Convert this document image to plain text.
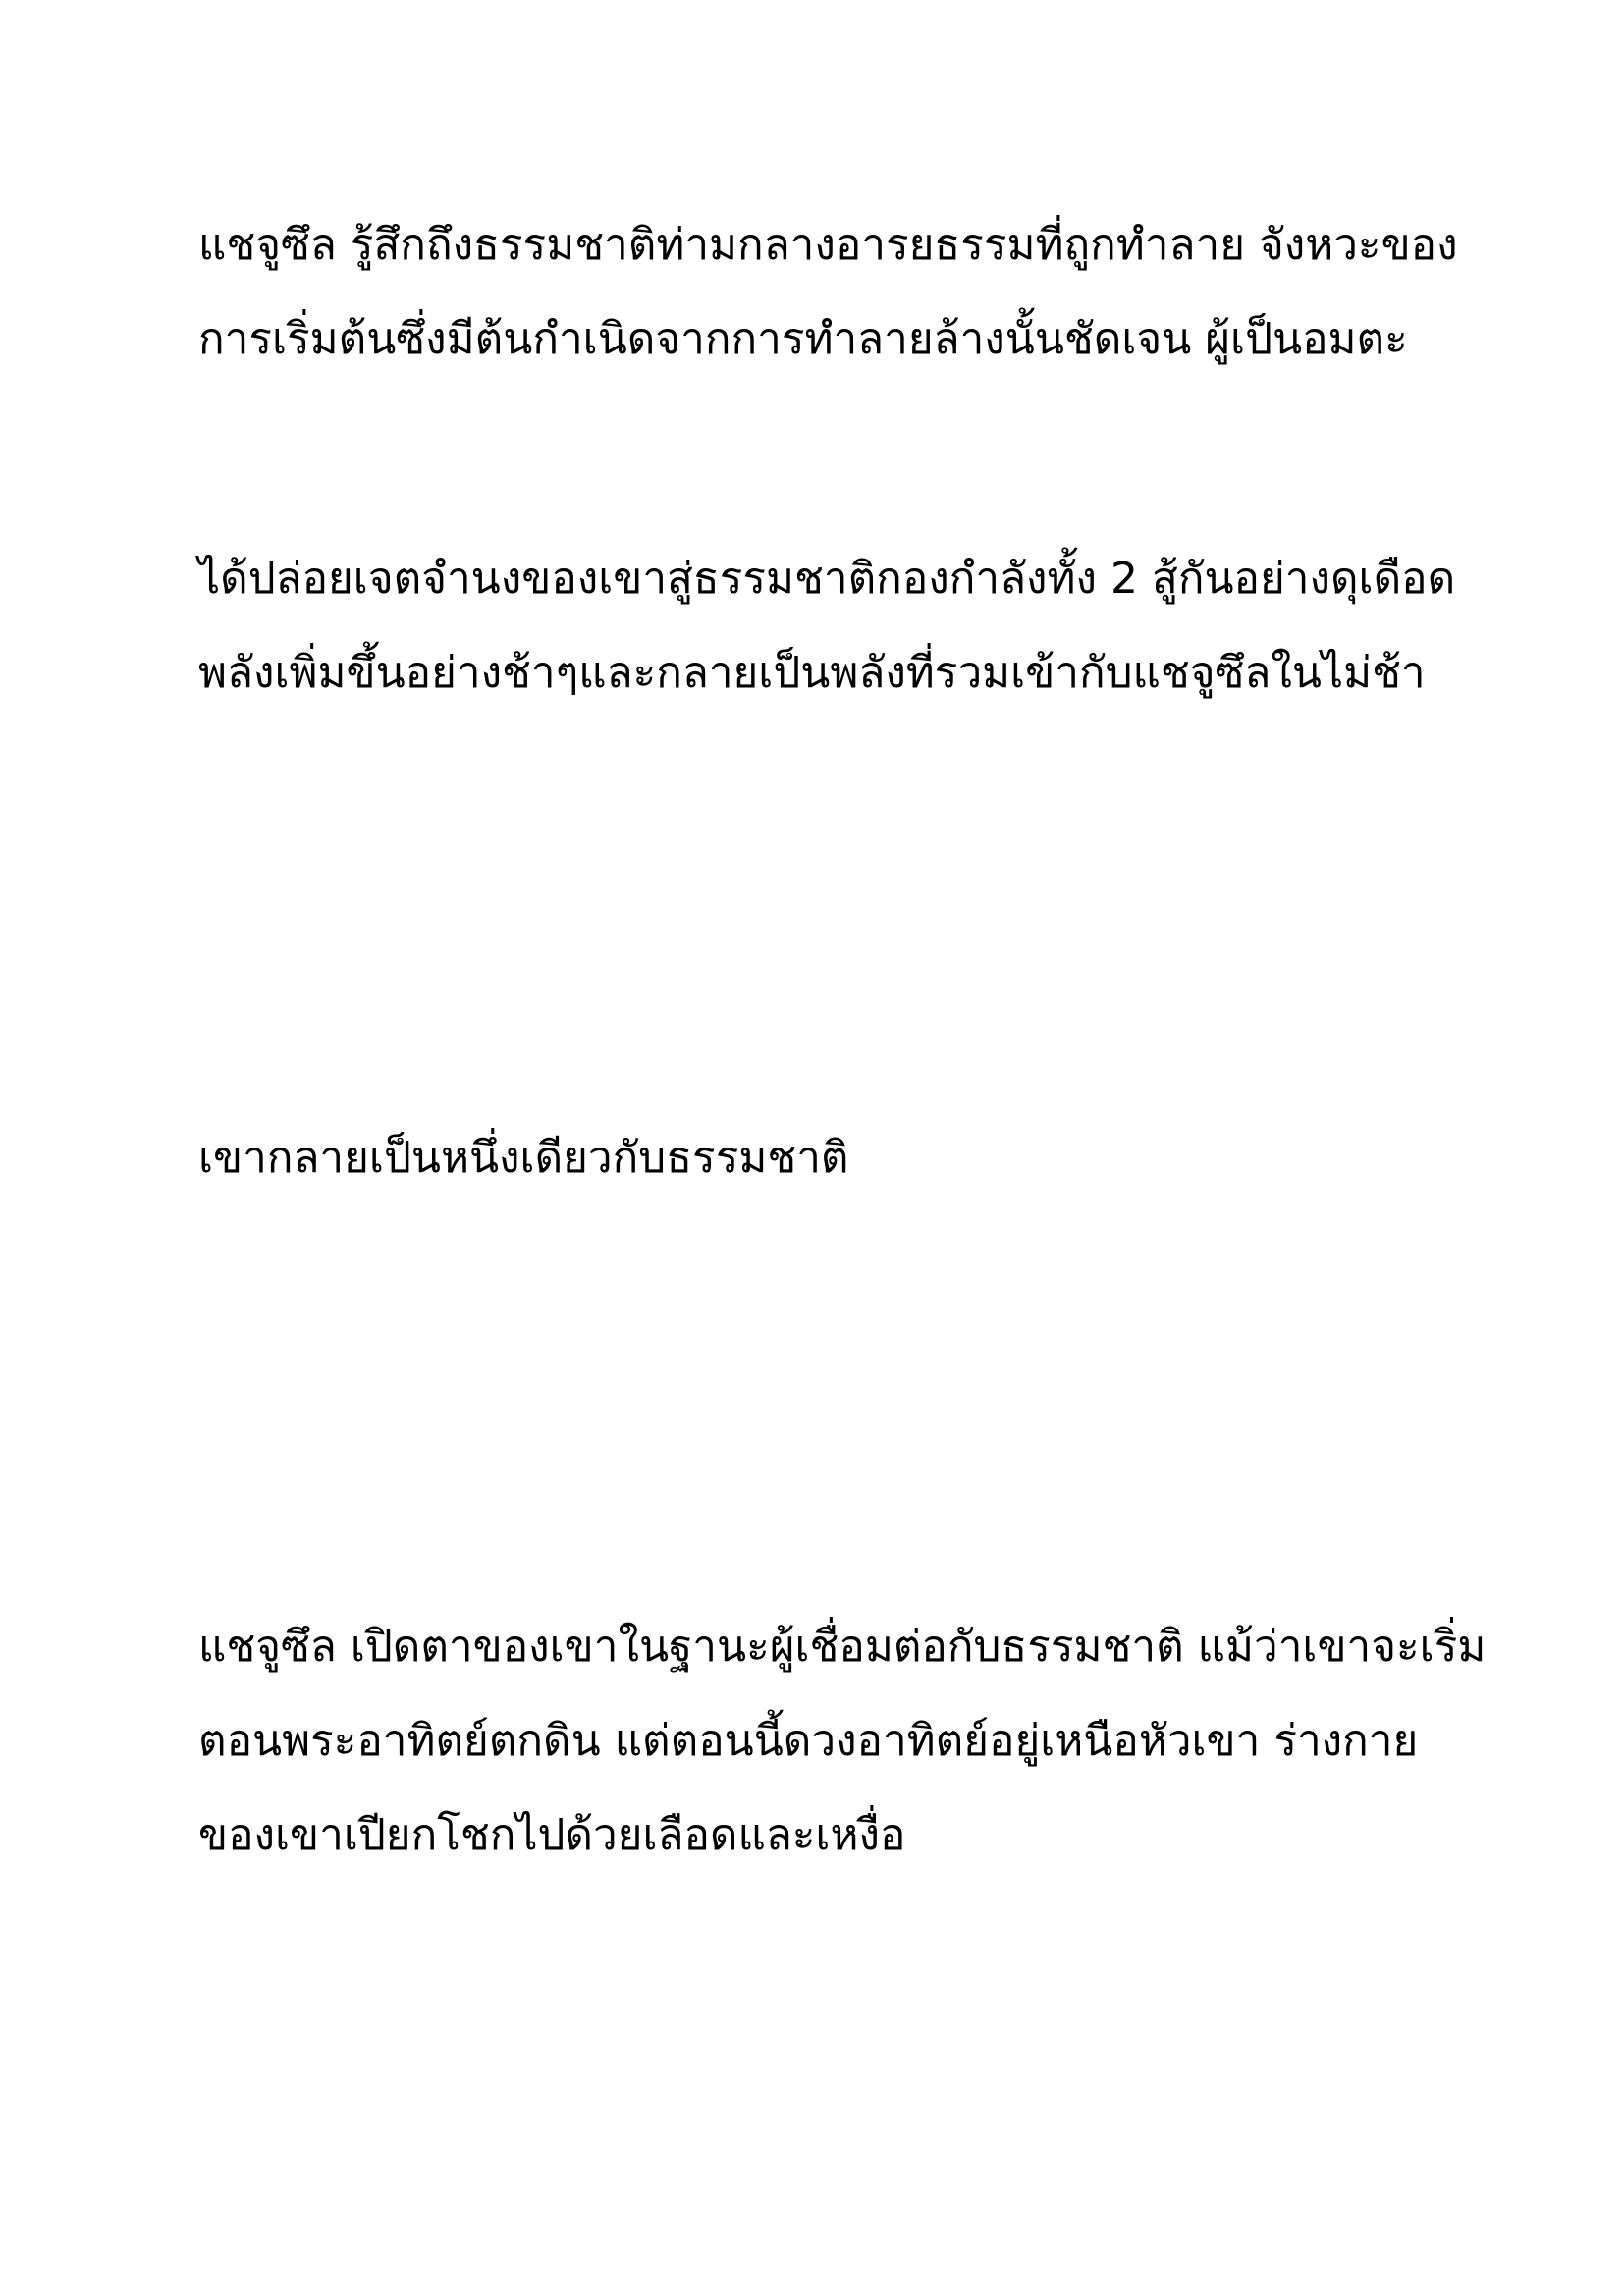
แชจูซึล รู้สึกถึงธรรมชาติท่ามกลางอารยธรรมที่ถูกทำลาย จังหวะของ

การเริ่มต้นซึ่งมีต้นกำเนิดจากการทำลายล้างนั้นชัดเจน ผู้เป็นอมตะ

ได้ปล่อยเจตจำนงของเขาสู่ธรรมชาติกองกำลังทั้ง 2 สู้กันอย่างดุเดือด

พลังเพิ่มขึ้นอย่างช้าๆและกลายเป็นพลังที่รวมเข้ากับแชจูซึลในไม่ช้า

เขากลายเป็นหนึ่งเดียวกับธรรมชาติ

แชจูซึล เปิดตาของเขาในฐานะผู้เชื่อมต่อกับธรรมชาติ แม้ว่าเขาจะเริ่ม

ตอนพระอาทิตย์ตกดิน แต่ตอนนี้ดวงอาทิตย์อยู่เหนือหัวเขา ร่างกาย

ของเขาเปียกโชกไปด้วยเลือดและเหงื่อ
